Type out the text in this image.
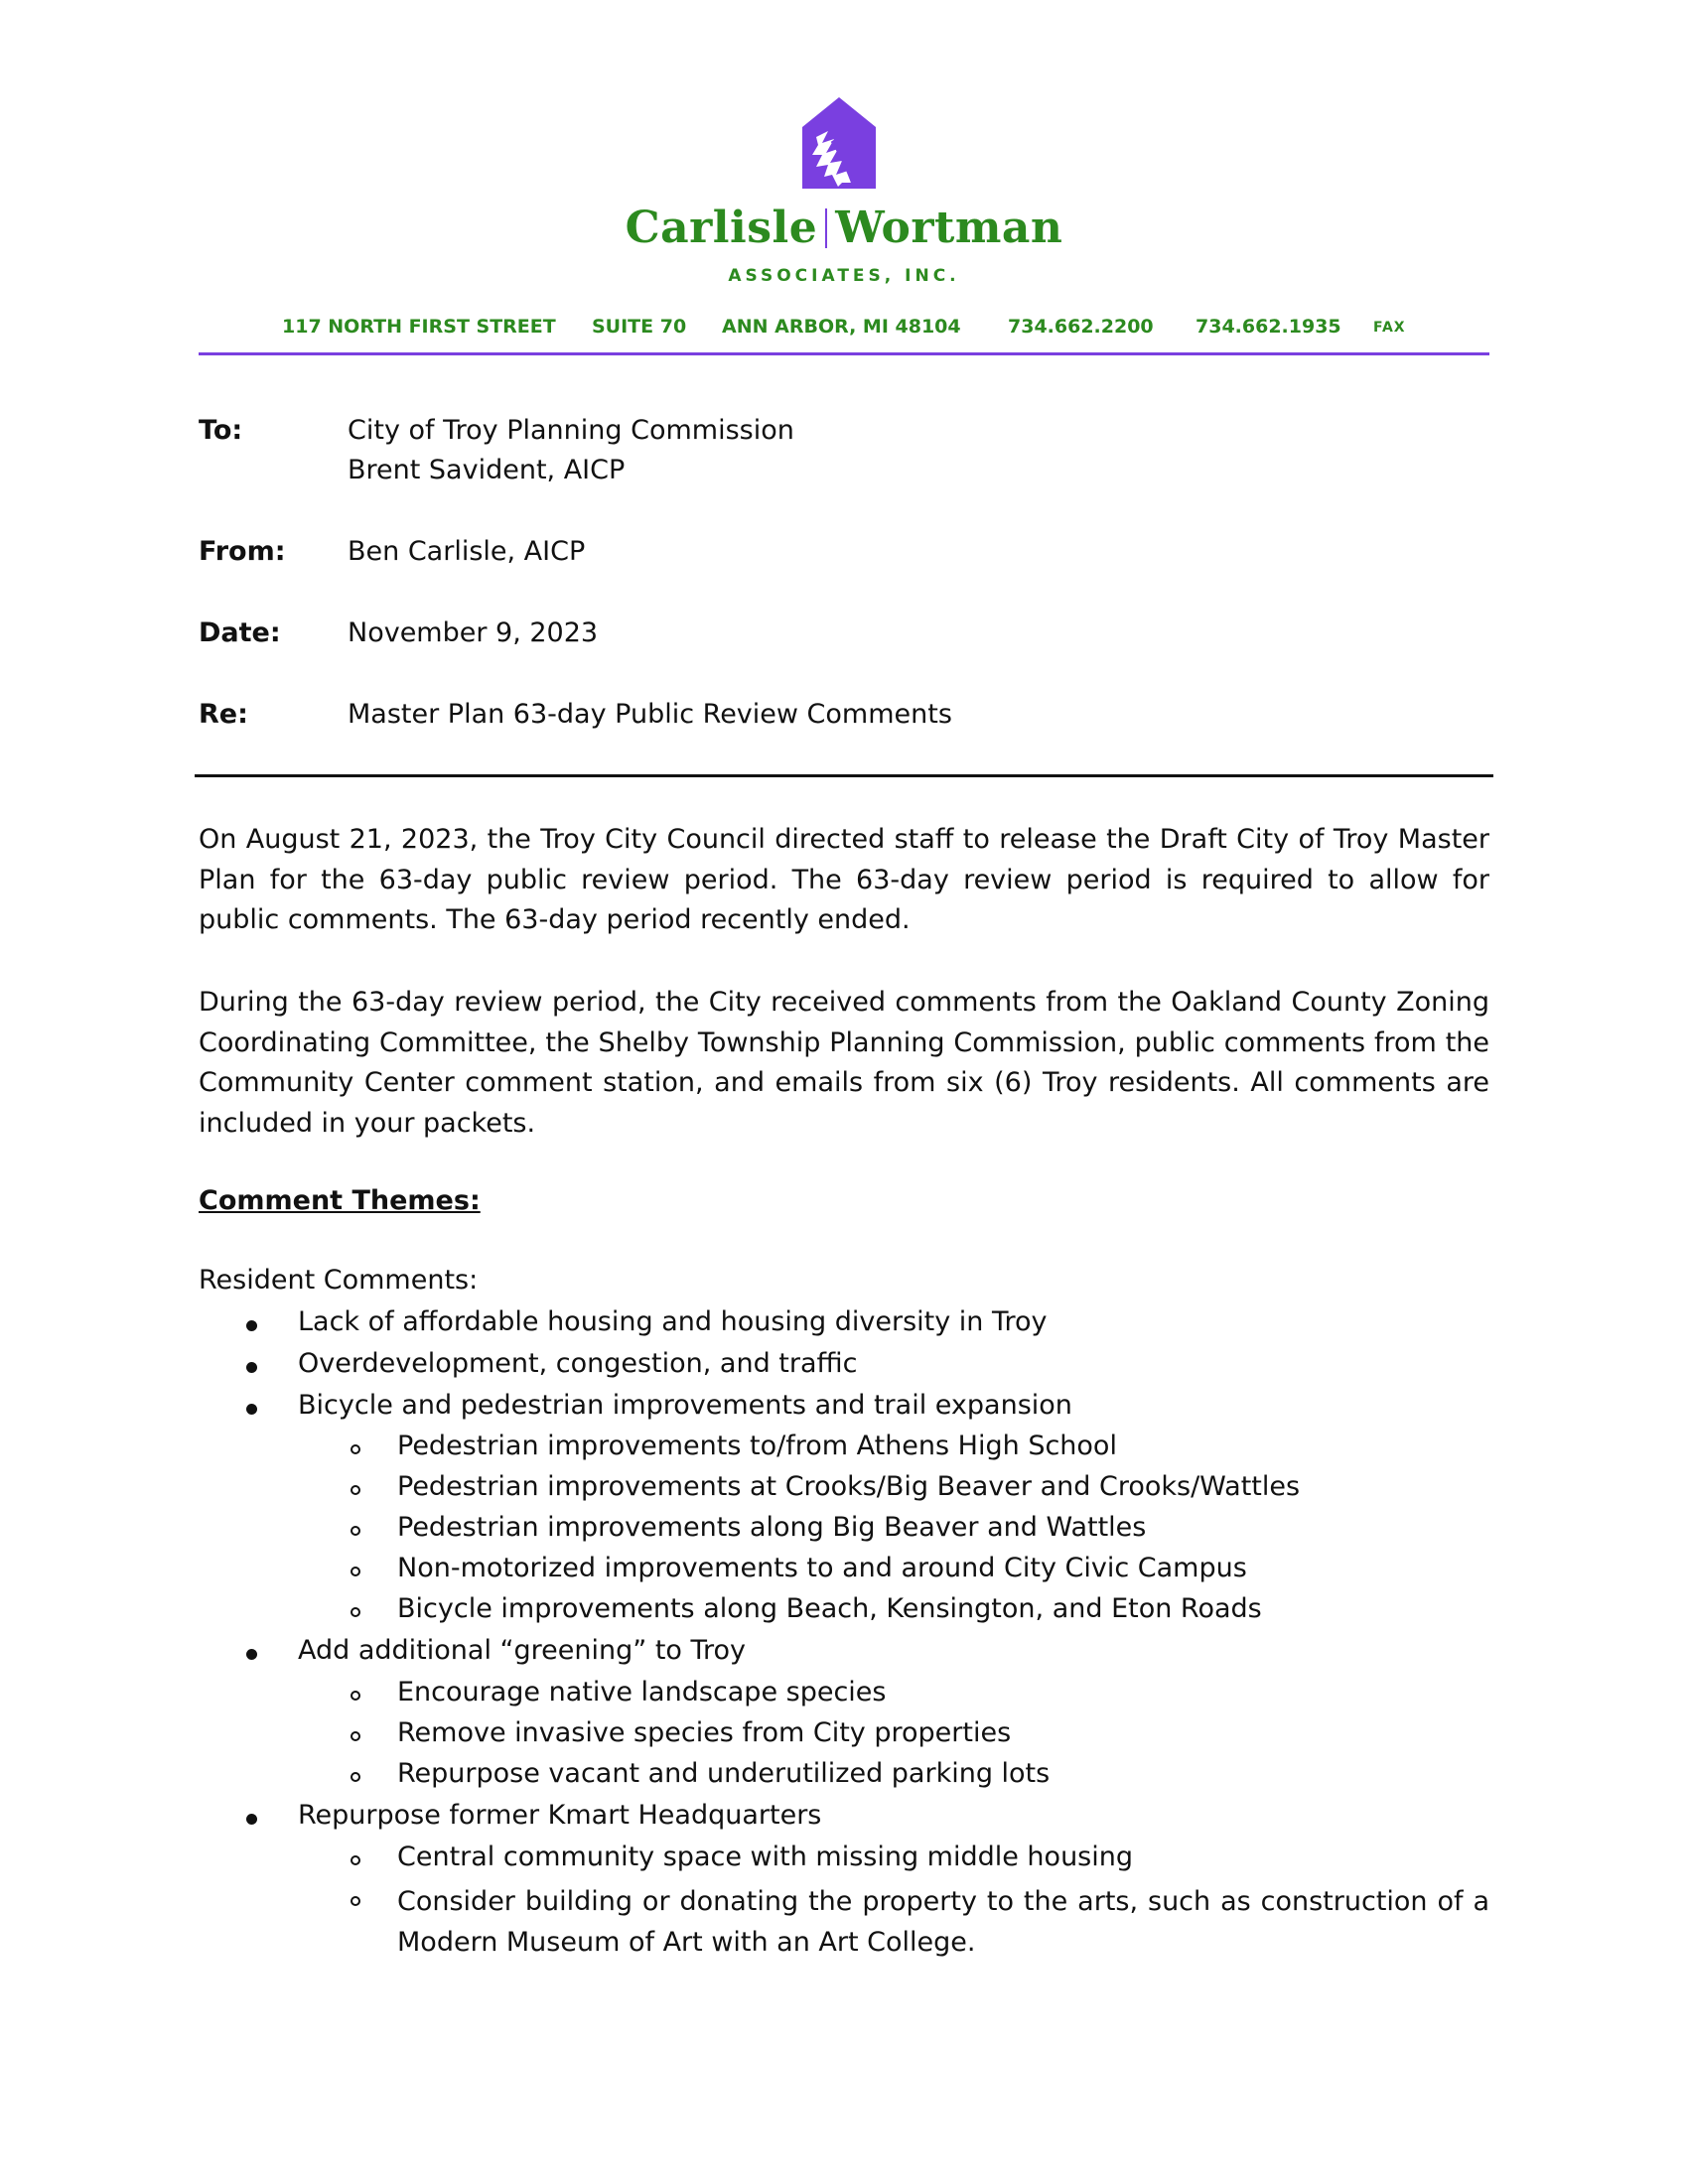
Carlisle Wortman
ASSOCIATES, INC.
117 NORTH FIRST STREET SUITE 70 ANN ARBOR, MI 48104 734.662.2200 734.662.1935 FAX
To:	City of Troy Planning Commission
Brent Savident, AICP
From: Ben Carlisle, AICP
Date: November 9, 2023
Re:	Master Plan 63-day Public Review Comments
On August 21, 2023, the Troy City Council directed staff to release the Draft City of Troy Master Plan for the 63-day public review period. The 63-day review period is required to allow for public comments. The 63-day period recently ended.
During the 63-day review period, the City received comments from the Oakland County Zoning Coordinating Committee, the Shelby Township Planning Commission, public comments from the Community Center comment station, and emails from six (6) Troy residents. All comments are included in your packets.
Comment Themes:
Resident Comments:
Lack of affordable housing and housing diversity in Troy
Overdevelopment, congestion, and traffic
Bicycle and pedestrian improvements and trail expansion
Pedestrian improvements to/from Athens High School
Pedestrian improvements at Crooks/Big Beaver and Crooks/Wattles
Pedestrian improvements along Big Beaver and Wattles
Non-motorized improvements to and around City Civic Campus
Bicycle improvements along Beach, Kensington, and Eton Roads
Add additional “greening” to Troy
Encourage native landscape species
Remove invasive species from City properties
Repurpose vacant and underutilized parking lots
Repurpose former Kmart Headquarters
Central community space with missing middle housing
Consider building or donating the property to the arts, such as construction of a Modern Museum of Art with an Art College.
